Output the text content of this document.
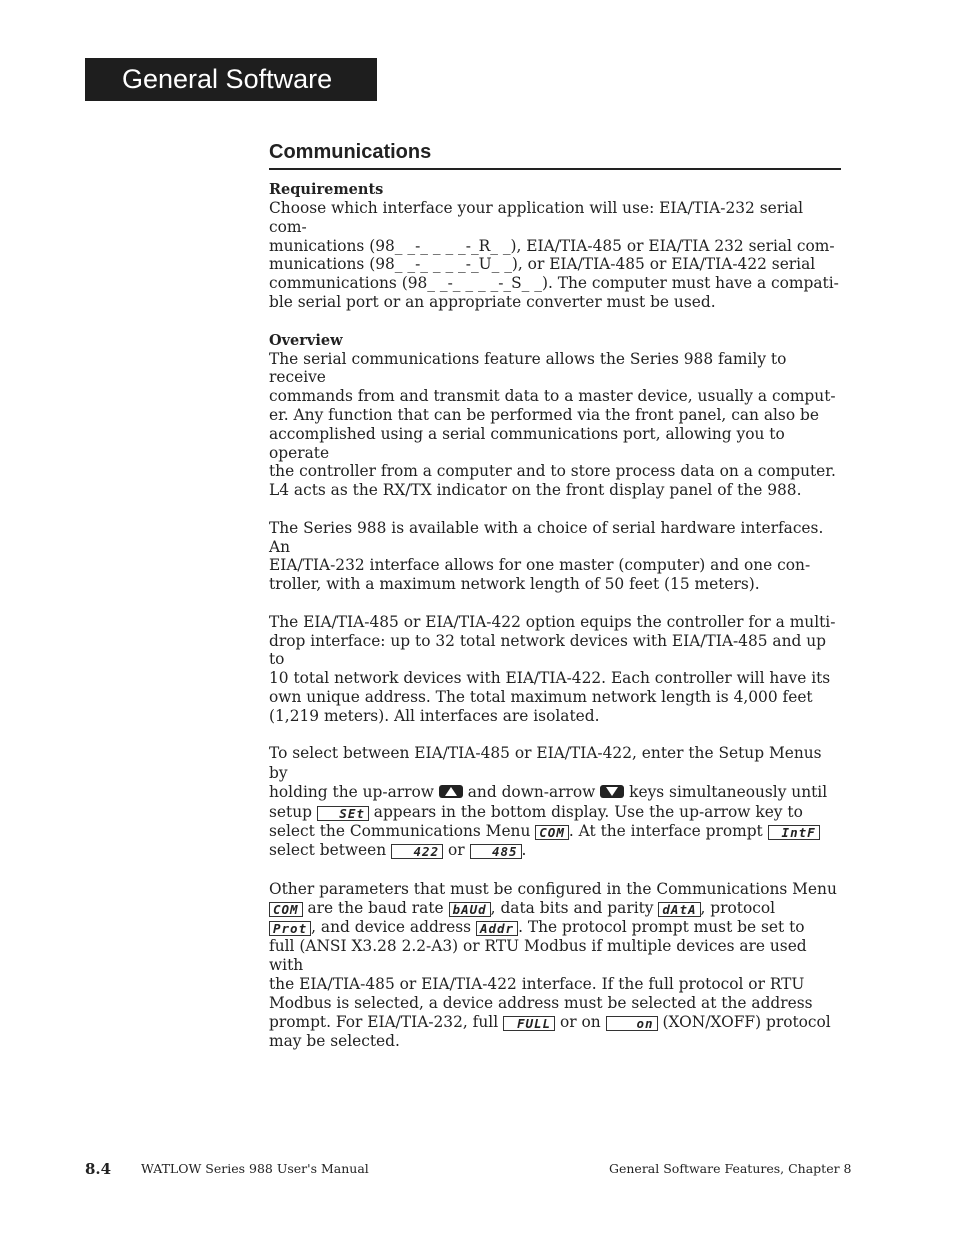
General Software
Communications
Requirements
Choose which interface your application will use: EIA/TIA-232 serial com-
munications (98_ _-_ _ _ _-_R_ _), EIA/TIA-485 or EIA/TIA 232 serial com-
munications (98_ _-_ _ _ _-_U_ _), or EIA/TIA-485 or EIA/TIA-422 serial
communications (98_ _-_ _ _ _-_S_ _). The computer must have a compati-
ble serial port or an appropriate converter must be used.
Overview
The serial communications feature allows the Series 988 family to receive
commands from and transmit data to a master device, usually a comput-
er. Any function that can be performed via the front panel, can also be
accomplished using a serial communications port, allowing you to operate
the controller from a computer and to store process data on a computer.
L4 acts as the RX/TX indicator on the front display panel of the 988.
The Series 988 is available with a choice of serial hardware interfaces. An
EIA/TIA-232 interface allows for one master (computer) and one con-
troller, with a maximum network length of 50 feet (15 meters).
The EIA/TIA-485 or EIA/TIA-422 option equips the controller for a multi-
drop interface: up to 32 total network devices with EIA/TIA-485 and up to
10 total network devices with EIA/TIA-422. Each controller will have its
own unique address. The total maximum network length is 4,000 feet
(1,219 meters). All interfaces are isolated.
To select between EIA/TIA-485 or EIA/TIA-422, enter the Setup Menus by
holding the up-arrow and down-arrow keys simultaneously until
setup SEt appears in the bottom display. Use the up-arrow key to
select the Communications Menu COM . At the interface prompt IntF
select between 422 or 485 .
Other parameters that must be configured in the Communications Menu
COM are the baud rate bAUd , data bits and parity dAtA , protocol
Prot , and device address Addr . The protocol prompt must be set to
full (ANSI X3.28 2.2-A3) or RTU Modbus if multiple devices are used with
the EIA/TIA-485 or EIA/TIA-422 interface. If the full protocol or RTU
Modbus is selected, a device address must be selected at the address
prompt. For EIA/TIA-232, full FULL or on	on (XON/XOFF) protocol
may be selected.
8.4 WATLOW Series 988 User's Manual	General Software Features, Chapter 8
